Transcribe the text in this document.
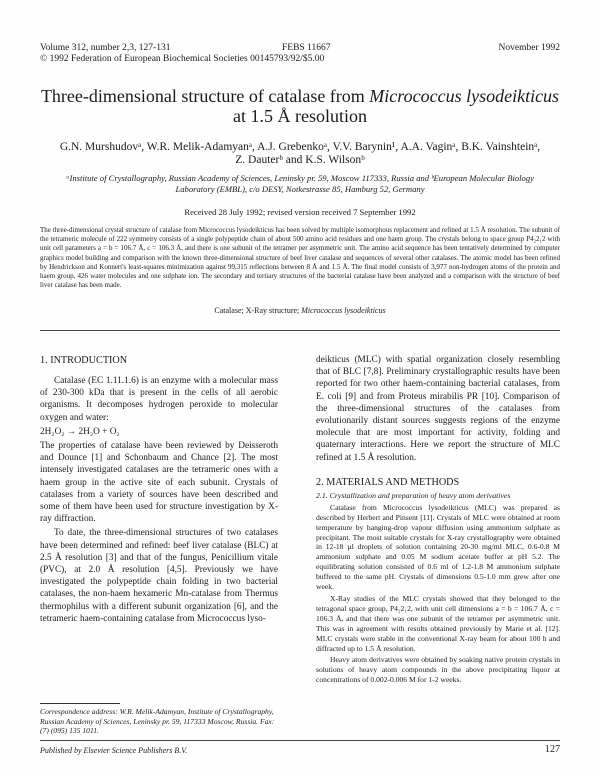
Volume 312, number 2,3, 127-131
© 1992 Federation of European Biochemical Societies 00145793/92/$5.00
FEBS 11667	November 1992
Three-dimensional structure of catalase from Micrococcus lysodeikticus
at 1.5 Å resolution
G.N. Murshudovᵃ, W.R. Melik-Adamyanᵃ, A.J. Grebenkoᵃ, V.V. Barynin¹, A.A. Vaginᵃ, B.K. Vainshteinᵃ,
Z. Dauterᵇ and K.S. Wilsonᵇ
ᵃInstitute of Crystallography, Russian Academy of Sciences, Leninsky pr. 59, Moscow 117333, Russia and ᵇEuropean Molecular Biology Laboratory (EMBL), c/o DESY, Notkestrasse 85, Hamburg 52, Germany
Received 28 July 1992; revised version received 7 September 1992
The three-dimensional crystal structure of catalase from Micrococcus lysodeikticus has been solved by multiple isomorphous replacement and refined at 1.5 Å resolution. The subunit of the tetrameric molecule of 222 symmetry consists of a single polypeptide chain of about 500 amino acid residues and one haem group. The crystals belong to space group P4₂2₁2 with unit cell parameters a = b = 106.7 Å, c = 106.3 Å, and there is one subunit of the tetramer per asymmetric unit. The amino acid sequence has been tentatively determined by computer graphics model building and comparison with the known three-dimensional structure of beef liver catalase and sequences of several other catalases. The atomic model has been refined by Hendrickson and Konnert's least-squares minimization against 99,315 reflections between 8 Å and 1.5 Å. The final model consists of 3,977 non-hydrogen atoms of the protein and haem group, 426 water molecules and one sulphate ion. The secondary and tertiary structures of the bacterial catalase have been analyzed and a comparison with the structure of beef liver catalase has been made.
Catalase; X-Ray structure; Micrococcus lysodeikticus

1. INTRODUCTION

Catalase (EC 1.11.1.6) is an enzyme with a molecular mass of 230-300 kDa that is present in the cells of all aerobic organisms. It decomposes hydrogen peroxide to molecular oxygen and water:

2H₂O₂ → 2H₂O + O₂

The properties of catalase have been reviewed by Deisseroth and Dounce [1] and Schonbaum and Chance [2]. The most intensely investigated catalases are the tetrameric ones with a haem group in the active site of each subunit. Crystals of catalases from a variety of sources have been described and some of them have been used for structure investigation by X-ray diffraction.

To date, the three-dimensional structures of two catalases have been determined and refined: beef liver catalase (BLC) at 2.5 Å resolution [3] and that of the fungus, Penicillium vitale (PVC), at 2.0 Å resolution [4,5]. Previously we have investigated the polypeptide chain folding in two bacterial catalases, the non-haem hexameric Mn-catalase from Thermus thermophilus with a different subunit organization [6], and the tetrameric haem-containing catalase from Micrococcus lyso-

deikticus (MLC) with spatial organization closely resembling that of BLC [7,8]. Preliminary crystallographic results have been reported for two other haem-containing bacterial catalases, from E. coli [9] and from Proteus mirabilis PR [10]. Comparison of the three-dimensional structures of the catalases from evolutionarily distant sources suggests regions of the enzyme molecule that are most important for activity, folding and quaternary interactions. Here we report the structure of MLC refined at 1.5 Å resolution.

2. MATERIALS AND METHODS

2.1. Crystallization and preparation of heavy atom derivatives

Catalase from Micrococcus lysodeikticus (MLC) was prepared as described by Herbert and Pinsent [11]. Crystals of MLC were obtained at room temperature by hanging-drop vapour diffusion using ammonium sulphate as precipitant. The most suitable crystals for X-ray crystallography were obtained in 12-18 µl droplets of solution containing 20-30 mg/ml MLC, 0.6-0.8 M ammonium sulphate and 0.05 M sodium acetate buffer at pH 5.2. The equilibrating solution consisted of 0.6 ml of 1.2-1.8 M ammonium sulphate buffered to the same pH. Crystals of dimensions 0.5-1.0 mm grew after one week.

X-Ray studies of the MLC crystals showed that they belonged to the tetragonal space group, P4₂2₁2, with unit cell dimensions a = b = 106.7 Å, c = 106.3 Å, and that there was one subunit of the tetramer per asymmetric unit. This was in agreement with results obtained previously by Marie et al. [12]. MLC crystals were stable in the conventional X-ray beam for about 100 h and diffracted up to 1.5 Å resolution.

Heavy atom derivatives were obtained by soaking native protein crystals in solutions of heavy atom compounds in the above precipitating liquor at concentrations of 0.002-0.006 M for 1-2 weeks.

Correspondence address: W.R. Melik-Adamyan, Institute of Crystallography, Russian Academy of Sciences, Leninsky pr. 59, 117333 Moscow, Russia. Fax: (7) (095) 135 1011.
Published by Elsevier Science Publishers B.V.	127
